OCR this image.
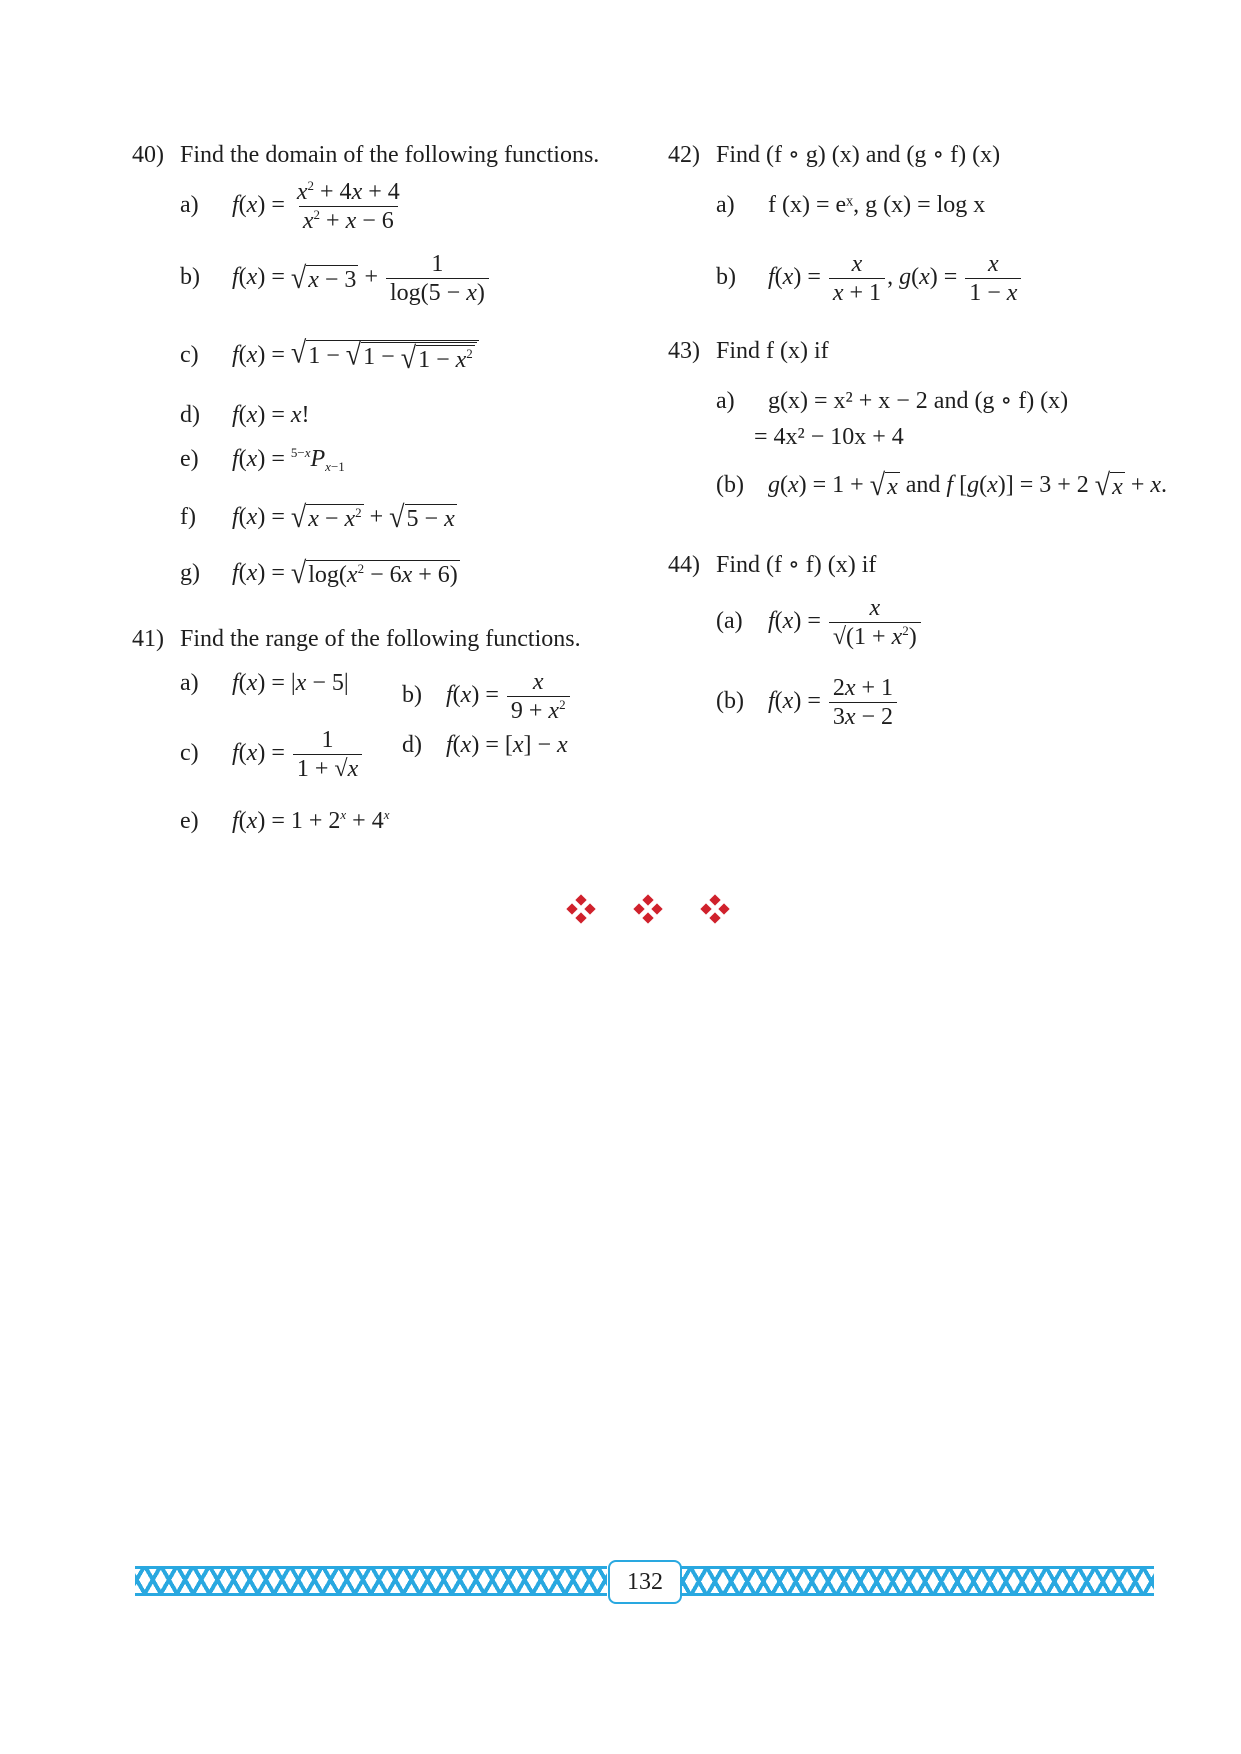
40) Find the domain of the following functions.
a) $f(x) = \frac{x^2 + 4x + 4}{x^2 + x - 6}$
b) f(x) = √ $x - 3 + \frac{1}{\log(5 - x)}$
c) f(x) = √ 1 − √ 1 − √ $1 - x^2$
d) f(x) = x!
e) $f(x) = ^{5-x}P_{x-1}$
f) f(x) = √ $x - x^2$ + √ 5 − x
g) f(x) = √ $\log(x^2 - 6x + 6)$
41) Find the range of the following functions.
a) f(x) = |x − 5| b) $f(x) = \frac{x}{9 + x^2}$
c) $f(x) = \frac{1}{1 + √x} d$) f(x) = [x] − x
e) $f(x) = 1 + 2^x + 4^x$
42) Find (f ∘ g) (x) and (g ∘ f) (x)
a) f (x) = eˣ, g (x) = log x
b) $f(x) = \frac{x}{x + 1}$ , $g(x) = \frac{x}{1 - x}$
43) Find f (x) if
a) g(x) = x² + x − 2 and (g ∘ f) (x)
= 4x² − 10x + 4
(b) g(x) = 1 + √ x and f [g(x)] = 3 + 2 √ x + x.
44) Find (f ∘ f) (x) if
(a) $f(x) = \frac{x}{√(1 + x^2)}$
(b) $f(x) = \frac{2x + 1}{3x - 2}$
132
